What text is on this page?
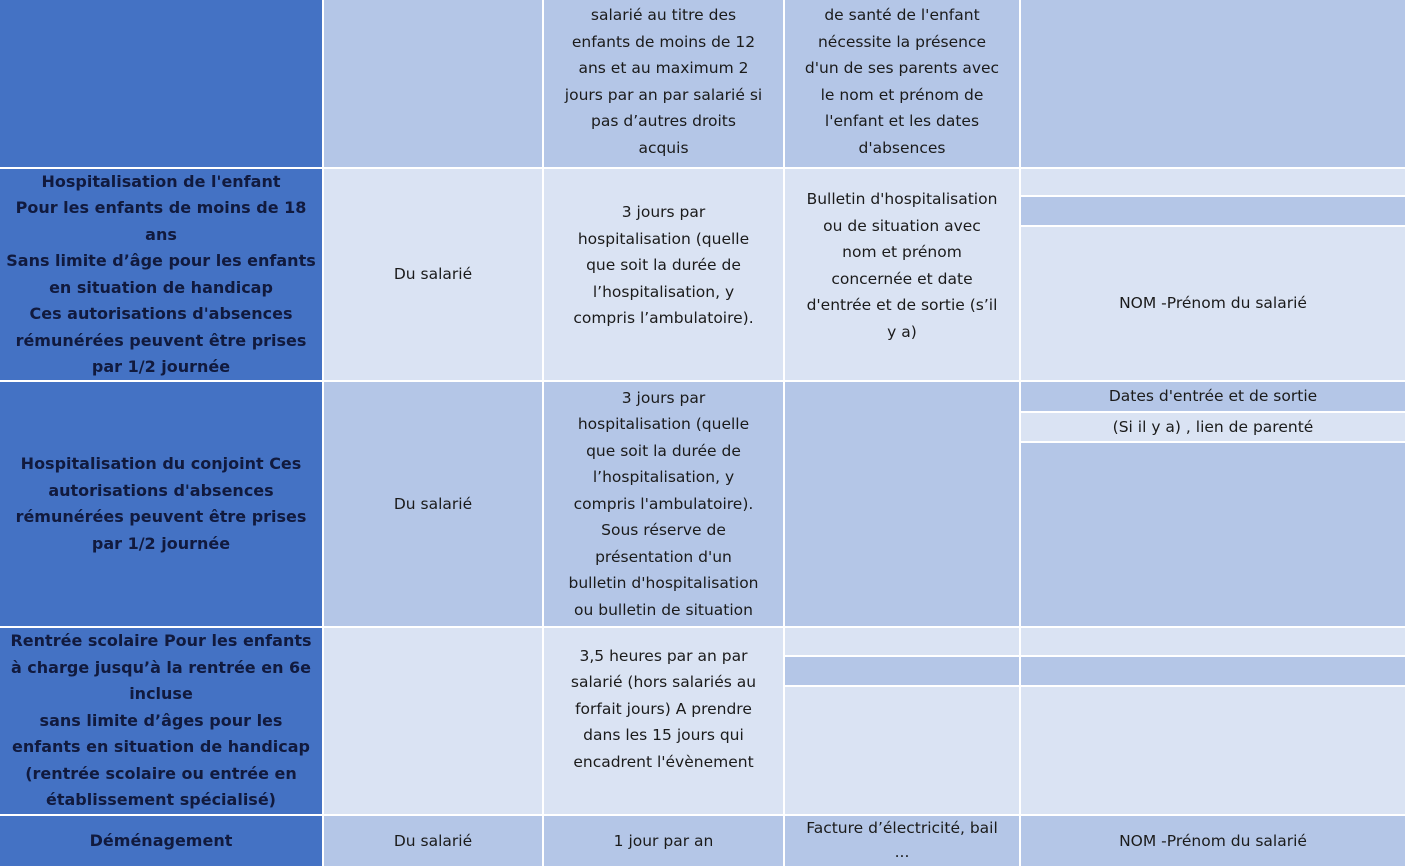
salarié au titre des
enfants de moins de 12
ans et au maximum 2
jours par an par salarié si
pas d’autres droits
acquis
de santé de l'enfant
nécessite la présence
d'un de ses parents avec
le nom et prénom de
l'enfant et les dates
d'absences
Hospitalisation de l'enfant
Pour les enfants de moins de 18
ans
Sans limite d’âge pour les enfants
en situation de handicap
Ces autorisations d'absences
rémunérées peuvent être prises
par 1/2 journée
Du salarié
3 jours par
hospitalisation (quelle
que soit la durée de
l’hospitalisation, y
compris l’ambulatoire).
Bulletin d'hospitalisation
ou de situation avec
nom et prénom
concernée et date
d'entrée et de sortie (s’il
y a)
NOM -Prénom du salarié
Hospitalisation du conjoint Ces
autorisations d'absences
rémunérées peuvent être prises
par 1/2 journée
Du salarié
3 jours par
hospitalisation (quelle
que soit la durée de
l’hospitalisation, y
compris l'ambulatoire).
Sous réserve de
présentation d'un
bulletin d'hospitalisation
ou bulletin de situation
Dates d'entrée et de sortie
(Si il y a) , lien de parenté
Rentrée scolaire Pour les enfants
à charge jusqu’à la rentrée en 6e
incluse
sans limite d’âges pour les
enfants en situation de handicap
(rentrée scolaire ou entrée en
établissement spécialisé)
3,5 heures par an par
salarié (hors salariés au
forfait jours) A prendre
dans les 15 jours qui
encadrent l'évènement
Déménagement	Du salarié	1 jour par an
Facture d’électricité, bail
...
NOM -Prénom du salarié
